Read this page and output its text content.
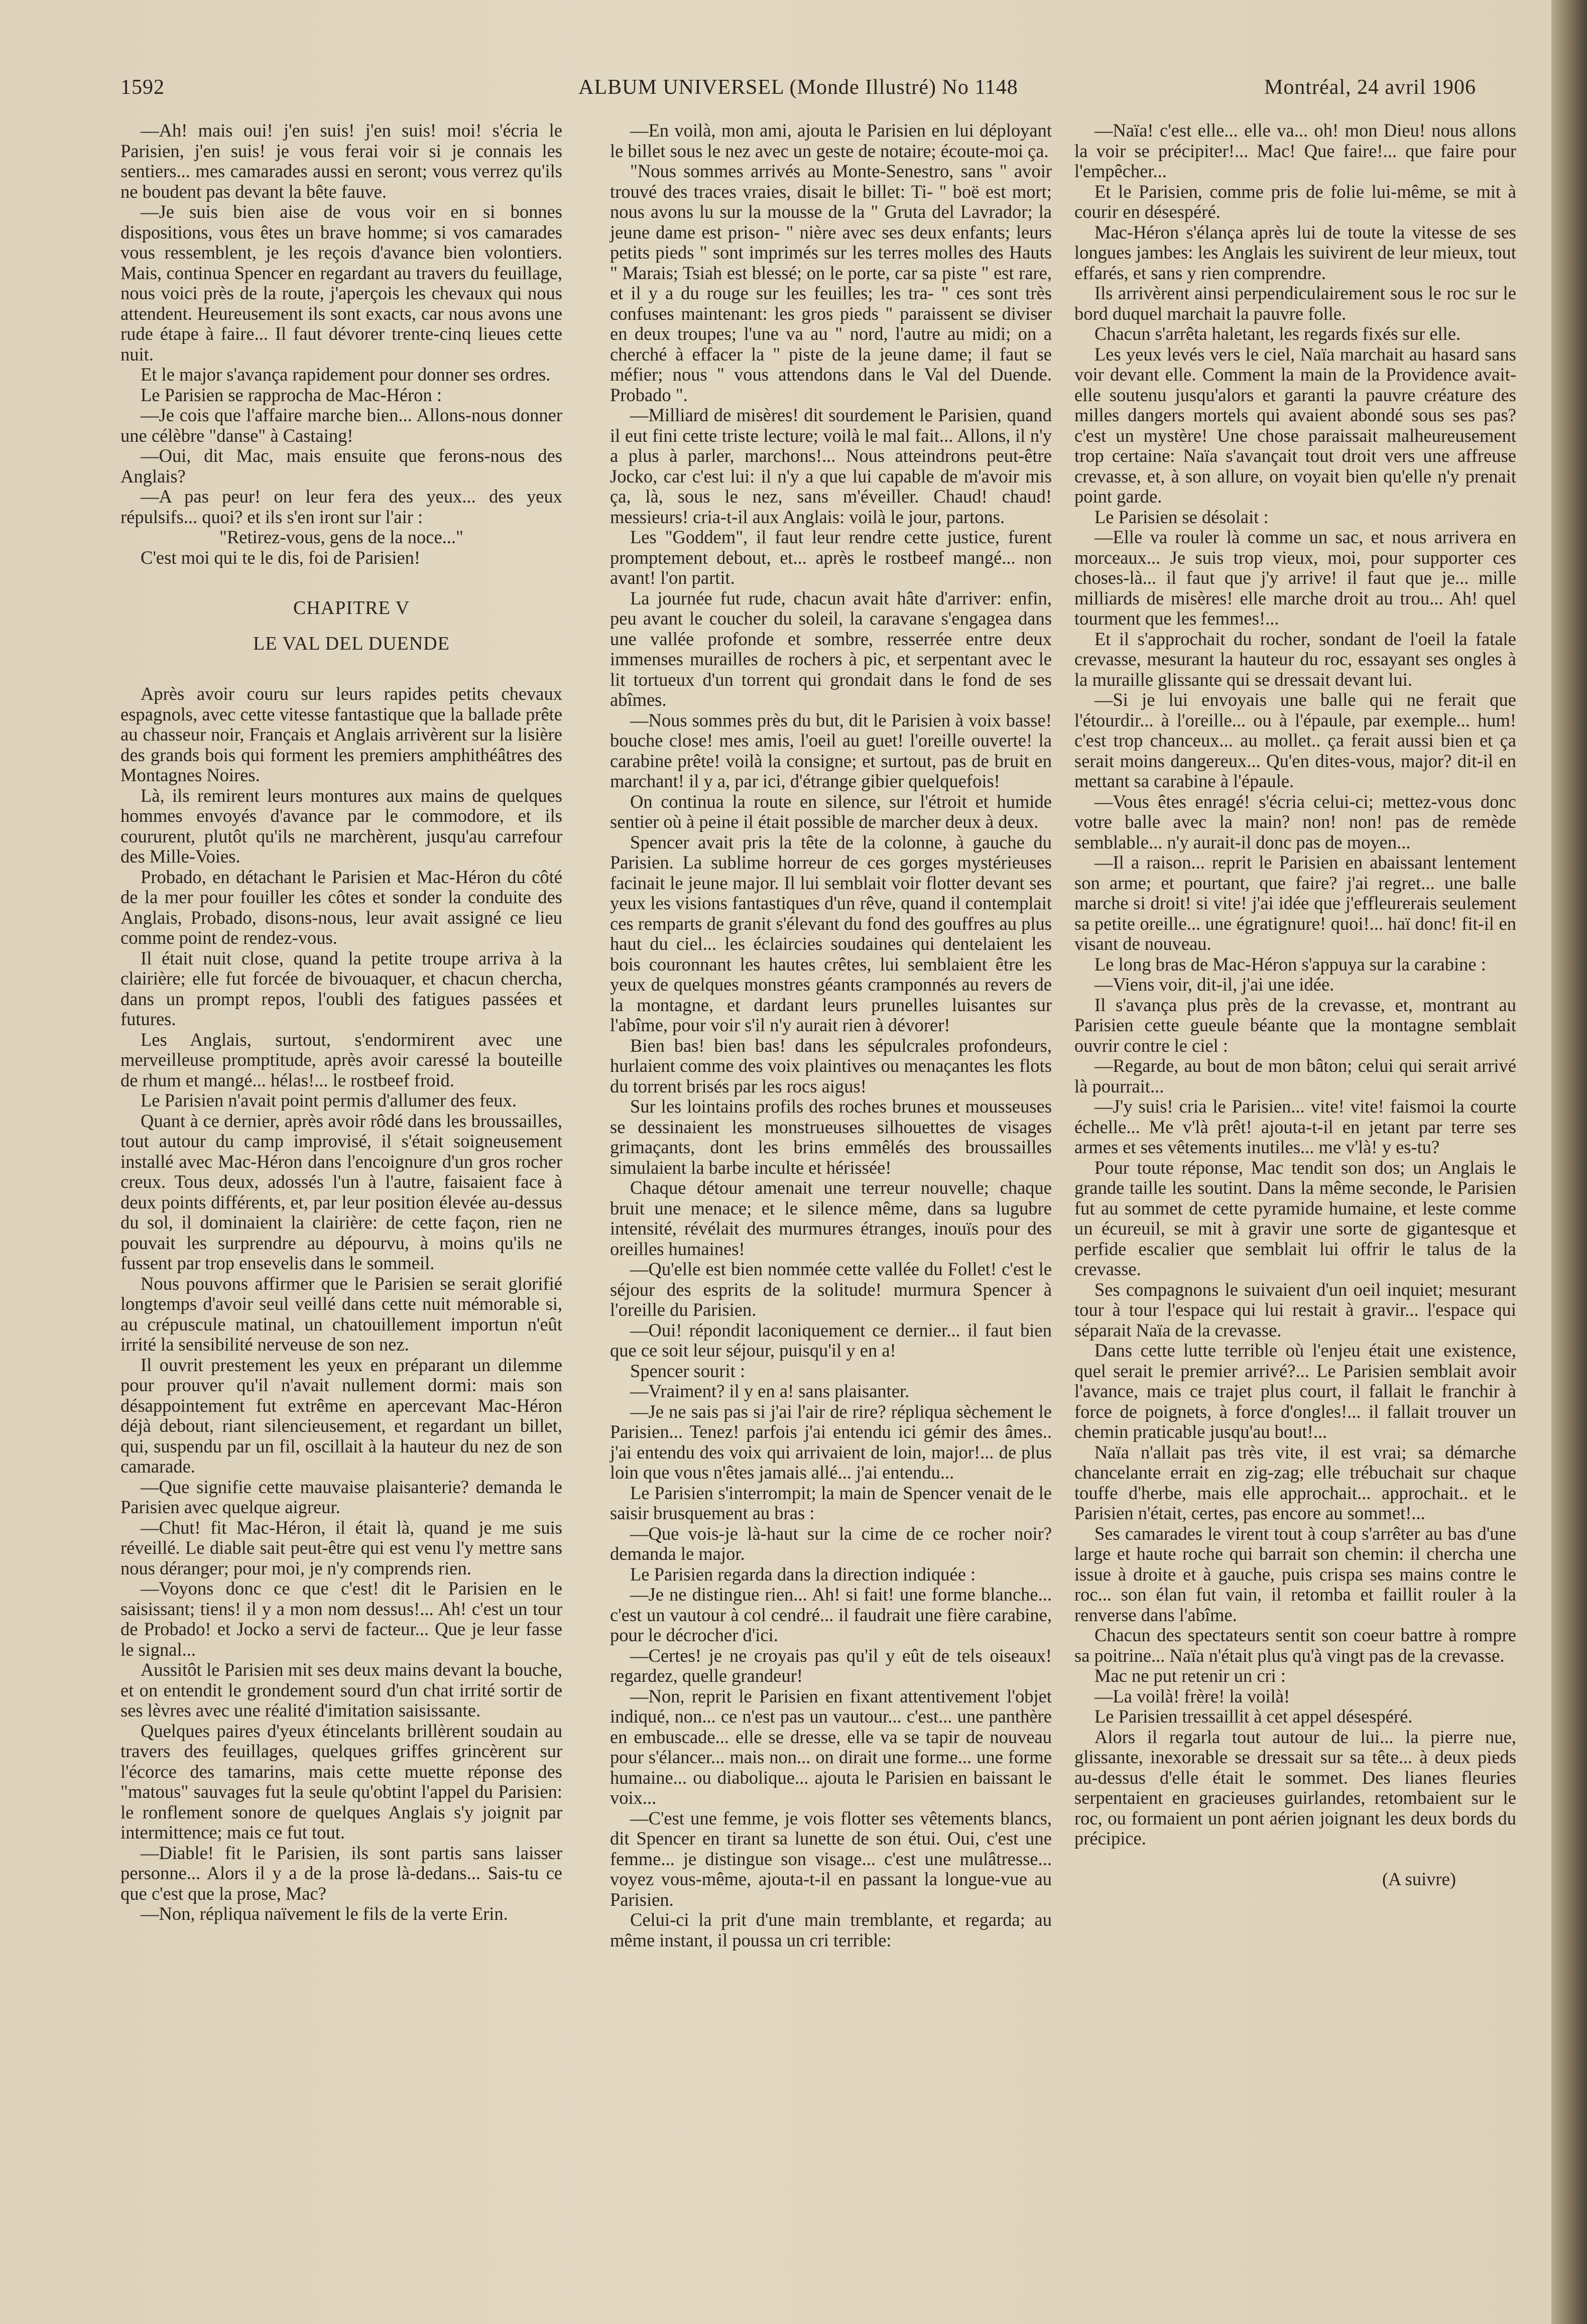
1592	ALBUM UNIVERSEL (Monde Illustré) No 1148	Montréal, 24 avril 1906

—Ah! mais oui! j'en suis! j'en suis! moi! s'écria le Parisien, j'en suis! je vous ferai voir si je connais les sentiers... mes camarades aussi en seront; vous verrez qu'ils ne boudent pas devant la bête fauve.

—Je suis bien aise de vous voir en si bonnes dispositions, vous êtes un brave homme; si vos camarades vous ressemblent, je les reçois d'avance bien volontiers. Mais, continua Spencer en regardant au travers du feuillage, nous voici près de la route, j'aperçois les chevaux qui nous attendent. Heureusement ils sont exacts, car nous avons une rude étape à faire... Il faut dévorer trente-cinq lieues cette nuit.

Et le major s'avança rapidement pour donner ses ordres.

Le Parisien se rapprocha de Mac-Héron :

—Je cois que l'affaire marche bien... Allons-nous donner une célèbre "danse" à Castaing!

—Oui, dit Mac, mais ensuite que ferons-nous des Anglais?

—A pas peur! on leur fera des yeux... des yeux répulsifs... quoi? et ils s'en iront sur l'air :

"Retirez-vous, gens de la noce..."

C'est moi qui te le dis, foi de Parisien!

CHAPITRE V

LE VAL DEL DUENDE

Après avoir couru sur leurs rapides petits chevaux espagnols, avec cette vitesse fantastique que la ballade prête au chasseur noir, Français et Anglais arrivèrent sur la lisière des grands bois qui forment les premiers amphithéâtres des Montagnes Noires.

Là, ils remirent leurs montures aux mains de quelques hommes envoyés d'avance par le commodore, et ils coururent, plutôt qu'ils ne marchèrent, jusqu'au carrefour des Mille-Voies.

Probado, en détachant le Parisien et Mac-Héron du côté de la mer pour fouiller les côtes et sonder la conduite des Anglais, Probado, disons-nous, leur avait assigné ce lieu comme point de rendez-vous.

Il était nuit close, quand la petite troupe arriva à la clairière; elle fut forcée de bivouaquer, et chacun chercha, dans un prompt repos, l'oubli des fatigues passées et futures.

Les Anglais, surtout, s'endormirent avec une merveilleuse promptitude, après avoir caressé la bouteille de rhum et mangé... hélas!... le rostbeef froid.

Le Parisien n'avait point permis d'allumer des feux.

Quant à ce dernier, après avoir rôdé dans les broussailles, tout autour du camp improvisé, il s'était soigneusement installé avec Mac-Héron dans l'encoignure d'un gros rocher creux. Tous deux, adossés l'un à l'autre, faisaient face à deux points différents, et, par leur position élevée au-dessus du sol, il dominaient la clairière: de cette façon, rien ne pouvait les surprendre au dépourvu, à moins qu'ils ne fussent par trop ensevelis dans le sommeil.

Nous pouvons affirmer que le Parisien se serait glorifié longtemps d'avoir seul veillé dans cette nuit mémorable si, au crépuscule matinal, un chatouillement importun n'eût irrité la sensibilité nerveuse de son nez.

Il ouvrit prestement les yeux en préparant un dilemme pour prouver qu'il n'avait nullement dormi: mais son désappointement fut extrême en apercevant Mac-Héron déjà debout, riant silencieusement, et regardant un billet, qui, suspendu par un fil, oscillait à la hauteur du nez de son camarade.

—Que signifie cette mauvaise plaisanterie? demanda le Parisien avec quelque aigreur.

—Chut! fit Mac-Héron, il était là, quand je me suis réveillé. Le diable sait peut-être qui est venu l'y mettre sans nous déranger; pour moi, je n'y comprends rien.

—Voyons donc ce que c'est! dit le Parisien en le saisissant; tiens! il y a mon nom dessus!... Ah! c'est un tour de Probado! et Jocko a servi de facteur... Que je leur fasse le signal...

Aussitôt le Parisien mit ses deux mains devant la bouche, et on entendit le grondement sourd d'un chat irrité sortir de ses lèvres avec une réalité d'imitation saisissante.

Quelques paires d'yeux étincelants brillèrent soudain au travers des feuillages, quelques griffes grincèrent sur l'écorce des tamarins, mais cette muette réponse des "matous" sauvages fut la seule qu'obtint l'appel du Parisien: le ronflement sonore de quelques Anglais s'y joignit par intermittence; mais ce fut tout.

—Diable! fit le Parisien, ils sont partis sans laisser personne... Alors il y a de la prose là-dedans... Sais-tu ce que c'est que la prose, Mac?

—Non, répliqua naïvement le fils de la verte Erin.

—En voilà, mon ami, ajouta le Parisien en lui déployant le billet sous le nez avec un geste de notaire; écoute-moi ça.

"Nous sommes arrivés au Monte-Senestro, sans " avoir trouvé des traces vraies, disait le billet: Ti- " boë est mort; nous avons lu sur la mousse de la " Gruta del Lavrador; la jeune dame est prison- " nière avec ses deux enfants; leurs petits pieds " sont imprimés sur les terres molles des Hauts " Marais; Tsiah est blessé; on le porte, car sa piste " est rare, et il y a du rouge sur les feuilles; les tra- " ces sont très confuses maintenant: les gros pieds " paraissent se diviser en deux troupes; l'une va au " nord, l'autre au midi; on a cherché à effacer la " piste de la jeune dame; il faut se méfier; nous " vous attendons dans le Val del Duende. Probado ".

—Milliard de misères! dit sourdement le Parisien, quand il eut fini cette triste lecture; voilà le mal fait... Allons, il n'y a plus à parler, marchons!... Nous atteindrons peut-être Jocko, car c'est lui: il n'y a que lui capable de m'avoir mis ça, là, sous le nez, sans m'éveiller. Chaud! chaud! messieurs! cria-t-il aux Anglais: voilà le jour, partons.

Les "Goddem", il faut leur rendre cette justice, furent promptement debout, et... après le rostbeef mangé... non avant! l'on partit.

La journée fut rude, chacun avait hâte d'arriver: enfin, peu avant le coucher du soleil, la caravane s'engagea dans une vallée profonde et sombre, resserrée entre deux immenses murailles de rochers à pic, et serpentant avec le lit tortueux d'un torrent qui grondait dans le fond de ses abîmes.

—Nous sommes près du but, dit le Parisien à voix basse! bouche close! mes amis, l'oeil au guet! l'oreille ouverte! la carabine prête! voilà la consigne; et surtout, pas de bruit en marchant! il y a, par ici, d'étrange gibier quelquefois!

On continua la route en silence, sur l'étroit et humide sentier où à peine il était possible de marcher deux à deux.

Spencer avait pris la tête de la colonne, à gauche du Parisien. La sublime horreur de ces gorges mystérieuses facinait le jeune major. Il lui semblait voir flotter devant ses yeux les visions fantastiques d'un rêve, quand il contemplait ces remparts de granit s'élevant du fond des gouffres au plus haut du ciel... les éclaircies soudaines qui dentelaient les bois couronnant les hautes crêtes, lui semblaient être les yeux de quelques monstres géants cramponnés au revers de la montagne, et dardant leurs prunelles luisantes sur l'abîme, pour voir s'il n'y aurait rien à dévorer!

Bien bas! bien bas! dans les sépulcrales profondeurs, hurlaient comme des voix plaintives ou menaçantes les flots du torrent brisés par les rocs aigus!

Sur les lointains profils des roches brunes et mousseuses se dessinaient les monstrueuses silhouettes de visages grimaçants, dont les brins emmêlés des broussailles simulaient la barbe inculte et hérissée!

Chaque détour amenait une terreur nouvelle; chaque bruit une menace; et le silence même, dans sa lugubre intensité, révélait des murmures étranges, inouïs pour des oreilles humaines!

—Qu'elle est bien nommée cette vallée du Follet! c'est le séjour des esprits de la solitude! murmura Spencer à l'oreille du Parisien.

—Oui! répondit laconiquement ce dernier... il faut bien que ce soit leur séjour, puisqu'il y en a!

Spencer sourit :

—Vraiment? il y en a! sans plaisanter.

—Je ne sais pas si j'ai l'air de rire? répliqua sèchement le Parisien... Tenez! parfois j'ai entendu ici gémir des âmes.. j'ai entendu des voix qui arrivaient de loin, major!... de plus loin que vous n'êtes jamais allé... j'ai entendu...

Le Parisien s'interrompit; la main de Spencer venait de le saisir brusquement au bras :

—Que vois-je là-haut sur la cime de ce rocher noir? demanda le major.

Le Parisien regarda dans la direction indiquée :

—Je ne distingue rien... Ah! si fait! une forme blanche... c'est un vautour à col cendré... il faudrait une fière carabine, pour le décrocher d'ici.

—Certes! je ne croyais pas qu'il y eût de tels oiseaux! regardez, quelle grandeur!

—Non, reprit le Parisien en fixant attentivement l'objet indiqué, non... ce n'est pas un vautour... c'est... une panthère en embuscade... elle se dresse, elle va se tapir de nouveau pour s'élancer... mais non... on dirait une forme... une forme humaine... ou diabolique... ajouta le Parisien en baissant le voix...

—C'est une femme, je vois flotter ses vêtements blancs, dit Spencer en tirant sa lunette de son étui. Oui, c'est une femme... je distingue son visage... c'est une mulâtresse... voyez vous-même, ajouta-t-il en passant la longue-vue au Parisien.

Celui-ci la prit d'une main tremblante, et regarda; au même instant, il poussa un cri terrible:

—Naïa! c'est elle... elle va... oh! mon Dieu! nous allons la voir se précipiter!... Mac! Que faire!... que faire pour l'empêcher...

Et le Parisien, comme pris de folie lui-même, se mit à courir en désespéré.

Mac-Héron s'élança après lui de toute la vitesse de ses longues jambes: les Anglais les suivirent de leur mieux, tout effarés, et sans y rien comprendre.

Ils arrivèrent ainsi perpendiculairement sous le roc sur le bord duquel marchait la pauvre folle.

Chacun s'arrêta haletant, les regards fixés sur elle.

Les yeux levés vers le ciel, Naïa marchait au hasard sans voir devant elle. Comment la main de la Providence avait-elle soutenu jusqu'alors et garanti la pauvre créature des milles dangers mortels qui avaient abondé sous ses pas? c'est un mystère! Une chose paraissait malheureusement trop certaine: Naïa s'avançait tout droit vers une affreuse crevasse, et, à son allure, on voyait bien qu'elle n'y prenait point garde.

Le Parisien se désolait :

—Elle va rouler là comme un sac, et nous arrivera en morceaux... Je suis trop vieux, moi, pour supporter ces choses-là... il faut que j'y arrive! il faut que je... mille milliards de misères! elle marche droit au trou... Ah! quel tourment que les femmes!...

Et il s'approchait du rocher, sondant de l'oeil la fatale crevasse, mesurant la hauteur du roc, essayant ses ongles à la muraille glissante qui se dressait devant lui.

—Si je lui envoyais une balle qui ne ferait que l'étourdir... à l'oreille... ou à l'épaule, par exemple... hum! c'est trop chanceux... au mollet.. ça ferait aussi bien et ça serait moins dangereux... Qu'en dites-vous, major? dit-il en mettant sa carabine à l'épaule.

—Vous êtes enragé! s'écria celui-ci; mettez-vous donc votre balle avec la main? non! non! pas de remède semblable... n'y aurait-il donc pas de moyen...

—Il a raison... reprit le Parisien en abaissant lentement son arme; et pourtant, que faire? j'ai regret... une balle marche si droit! si vite! j'ai idée que j'effleurerais seulement sa petite oreille... une égratignure! quoi!... haï donc! fit-il en visant de nouveau.

Le long bras de Mac-Héron s'appuya sur la carabine :

—Viens voir, dit-il, j'ai une idée.

Il s'avança plus près de la crevasse, et, montrant au Parisien cette gueule béante que la montagne semblait ouvrir contre le ciel :

—Regarde, au bout de mon bâton; celui qui serait arrivé là pourrait...

—J'y suis! cria le Parisien... vite! vite! faismoi la courte échelle... Me v'là prêt! ajouta-t-il en jetant par terre ses armes et ses vêtements inutiles... me v'là! y es-tu?

Pour toute réponse, Mac tendit son dos; un Anglais le grande taille les soutint. Dans la même seconde, le Parisien fut au sommet de cette pyramide humaine, et leste comme un écureuil, se mit à gravir une sorte de gigantesque et perfide escalier que semblait lui offrir le talus de la crevasse.

Ses compagnons le suivaient d'un oeil inquiet; mesurant tour à tour l'espace qui lui restait à gravir... l'espace qui séparait Naïa de la crevasse.

Dans cette lutte terrible où l'enjeu était une existence, quel serait le premier arrivé?... Le Parisien semblait avoir l'avance, mais ce trajet plus court, il fallait le franchir à force de poignets, à force d'ongles!... il fallait trouver un chemin praticable jusqu'au bout!...

Naïa n'allait pas très vite, il est vrai; sa démarche chancelante errait en zig-zag; elle trébuchait sur chaque touffe d'herbe, mais elle approchait... approchait.. et le Parisien n'était, certes, pas encore au sommet!...

Ses camarades le virent tout à coup s'arrêter au bas d'une large et haute roche qui barrait son chemin: il chercha une issue à droite et à gauche, puis crispa ses mains contre le roc... son élan fut vain, il retomba et faillit rouler à la renverse dans l'abîme.

Chacun des spectateurs sentit son coeur battre à rompre sa poitrine... Naïa n'était plus qu'à vingt pas de la crevasse.

Mac ne put retenir un cri :

—La voilà! frère! la voilà!

Le Parisien tressaillit à cet appel désespéré.

Alors il regarla tout autour de lui... la pierre nue, glissante, inexorable se dressait sur sa tête... à deux pieds au-dessus d'elle était le sommet. Des lianes fleuries serpentaient en gracieuses guirlandes, retombaient sur le roc, ou formaient un pont aérien joignant les deux bords du précipice.

(A suivre)
